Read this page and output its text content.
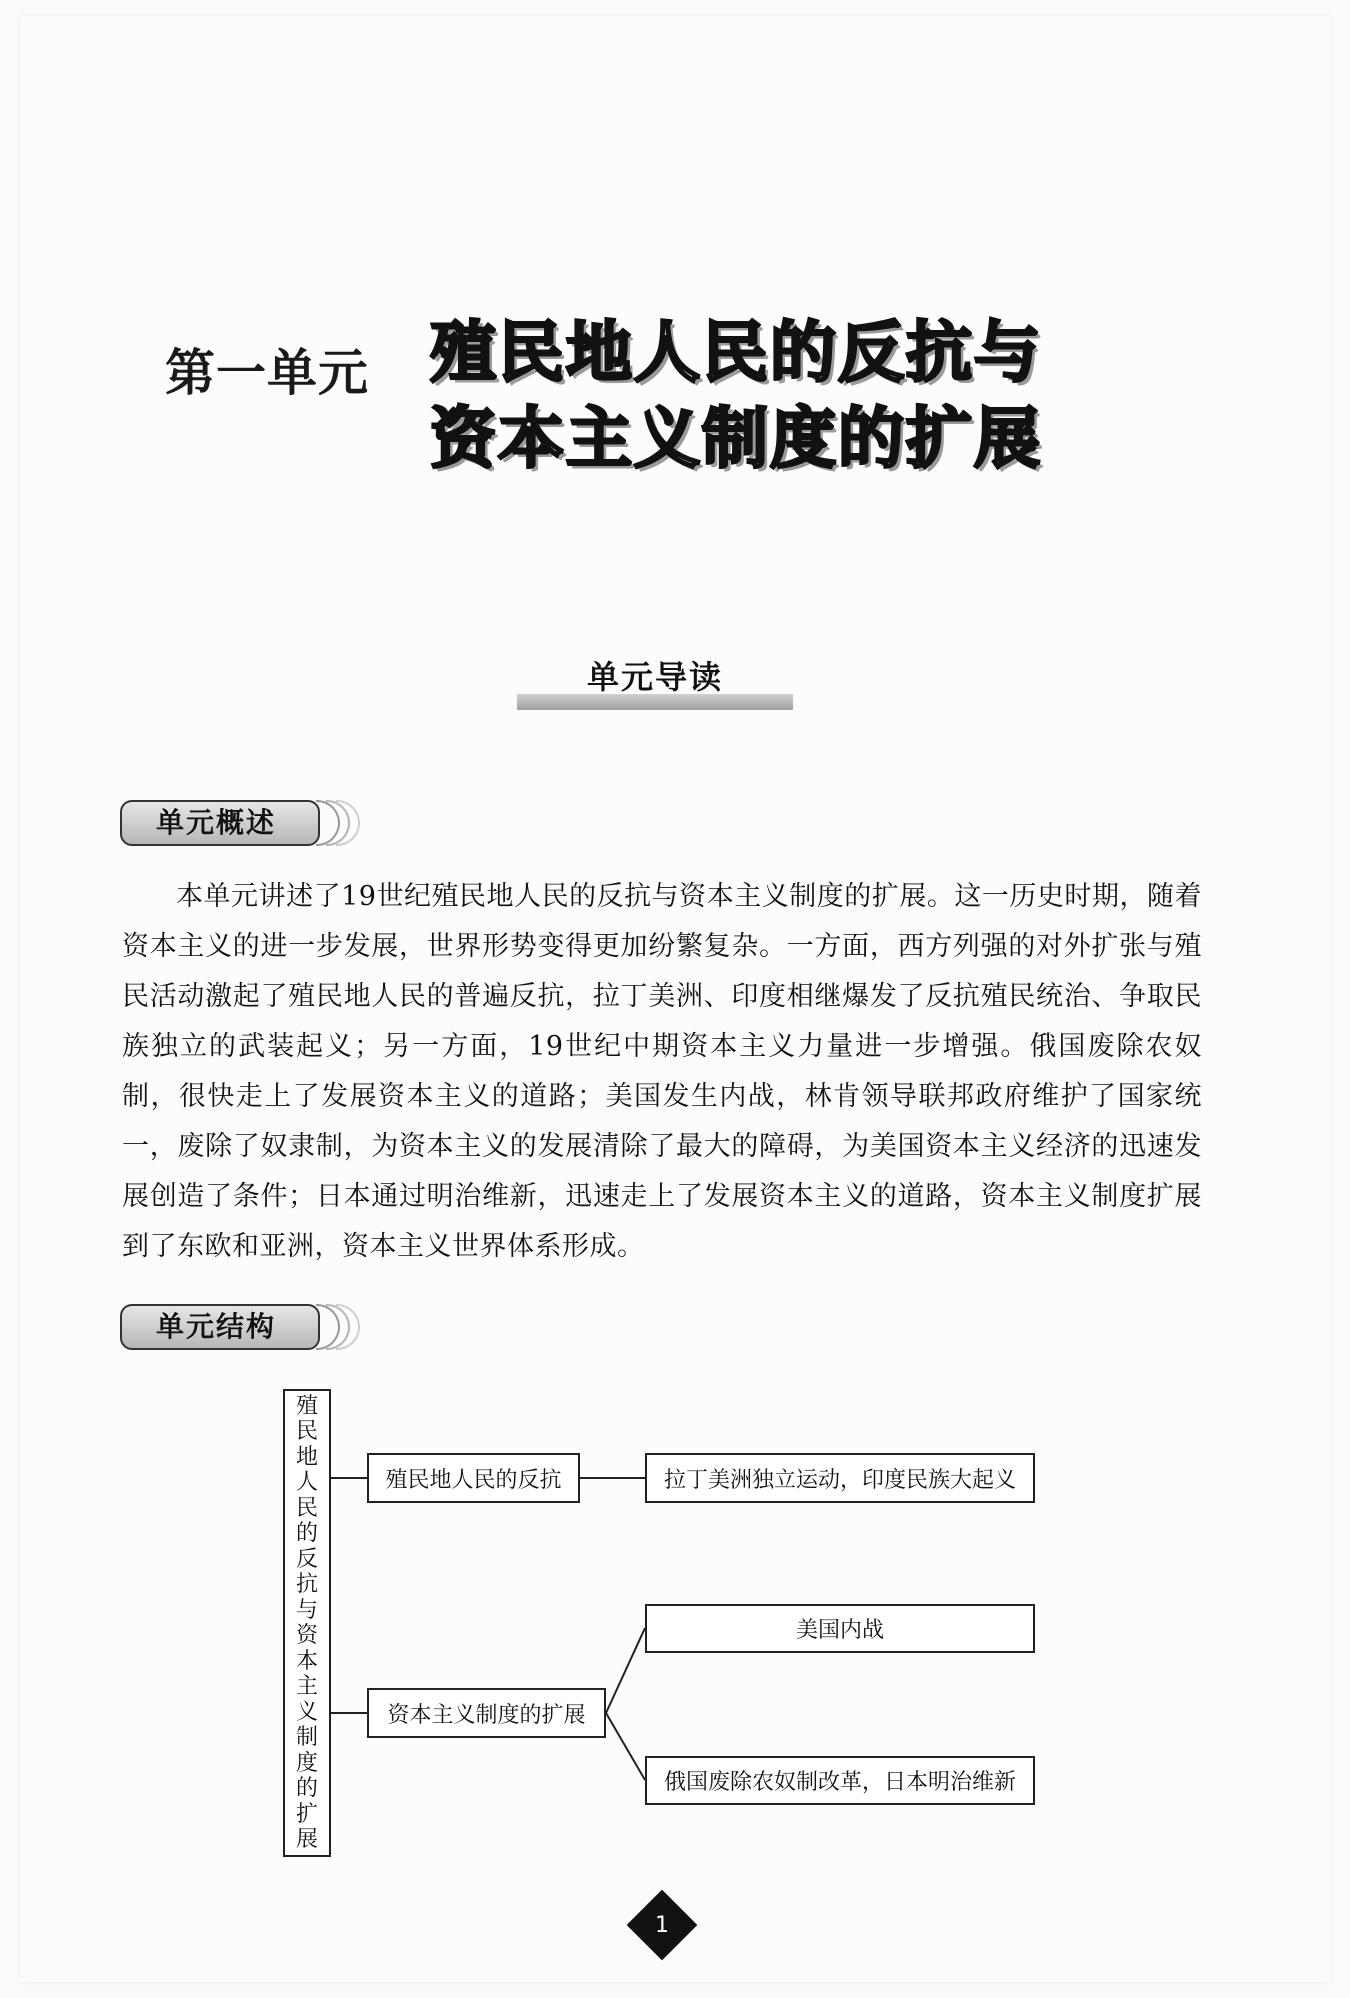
第一单元 殖民地人民的反抗与
资本主义制度的扩展
单元导读
单元概述
本单元讲述了19世纪殖民地人民的反抗与资本主义制度的扩展。这一历史时期，随着资本主义的进一步发展，世界形势变得更加纷繁复杂。一方面，西方列强的对外扩张与殖民活动激起了殖民地人民的普遍反抗，拉丁美洲、印度相继爆发了反抗殖民统治、争取民族独立的武装起义；另一方面，19世纪中期资本主义力量进一步增强。俄国废除农奴制，很快走上了发展资本主义的道路；美国发生内战，林肯领导联邦政府维护了国家统一，废除了奴隶制，为资本主义的发展清除了最大的障碍，为美国资本主义经济的迅速发展创造了条件；日本通过明治维新，迅速走上了发展资本主义的道路，资本主义制度扩展到了东欧和亚洲，资本主义世界体系形成。
单元结构
殖
民
地
人
民
的
反
抗
与
资
本
主
义
制
度
的
扩
展
殖民地人民的反抗	拉丁美洲独立运动，印度民族大起义
资本主义制度的扩展
美国内战
俄国废除农奴制改革，日本明治维新
1
